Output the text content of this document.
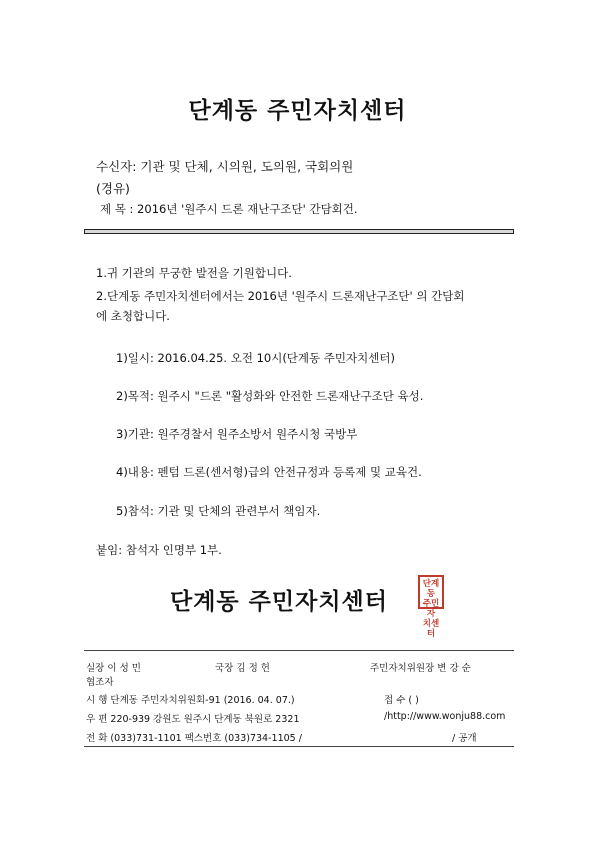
단계동 주민자치센터
수신자: 기관 및 단체, 시의원, 도의원, 국회의원
(경유)
제 목 : 2016년 '원주시 드론 재난구조단' 간담회건.
1.귀 기관의 무궁한 발전을 기원합니다.
2.단계동 주민자치센터에서는 2016년 '원주시 드론재난구조단' 의 간담회
에 초청합니다.
1)일시: 2016.04.25. 오전 10시(단계동 주민자치센터)
2)목적: 원주시 "드론 "활성화와 안전한 드론재난구조단 육성.
3)기관: 원주경찰서 원주소방서 원주시청 국방부
4)내용: 펜텀 드론(센서형)급의 안전규정과 등록제 및 교육건.
5)참석: 기관 및 단체의 관련부서 책임자.
붙임: 참석자 인명부 1부.
단계동 주민자치센터
단계동
주민자
치센터
실장 이 성 민	국장 김 정 헌	주민자치위원장 변 강 순
협조자
시 행 단계동 주민자치위원회-91 (2016. 04. 07.)	접 수 ( )
우 편 220-939 강원도 원주시 단계동 북원로 2321	/http://www.wonju88.com
전 화 (033)731-1101 팩스번호 (033)734-1105 /	/ 공개
